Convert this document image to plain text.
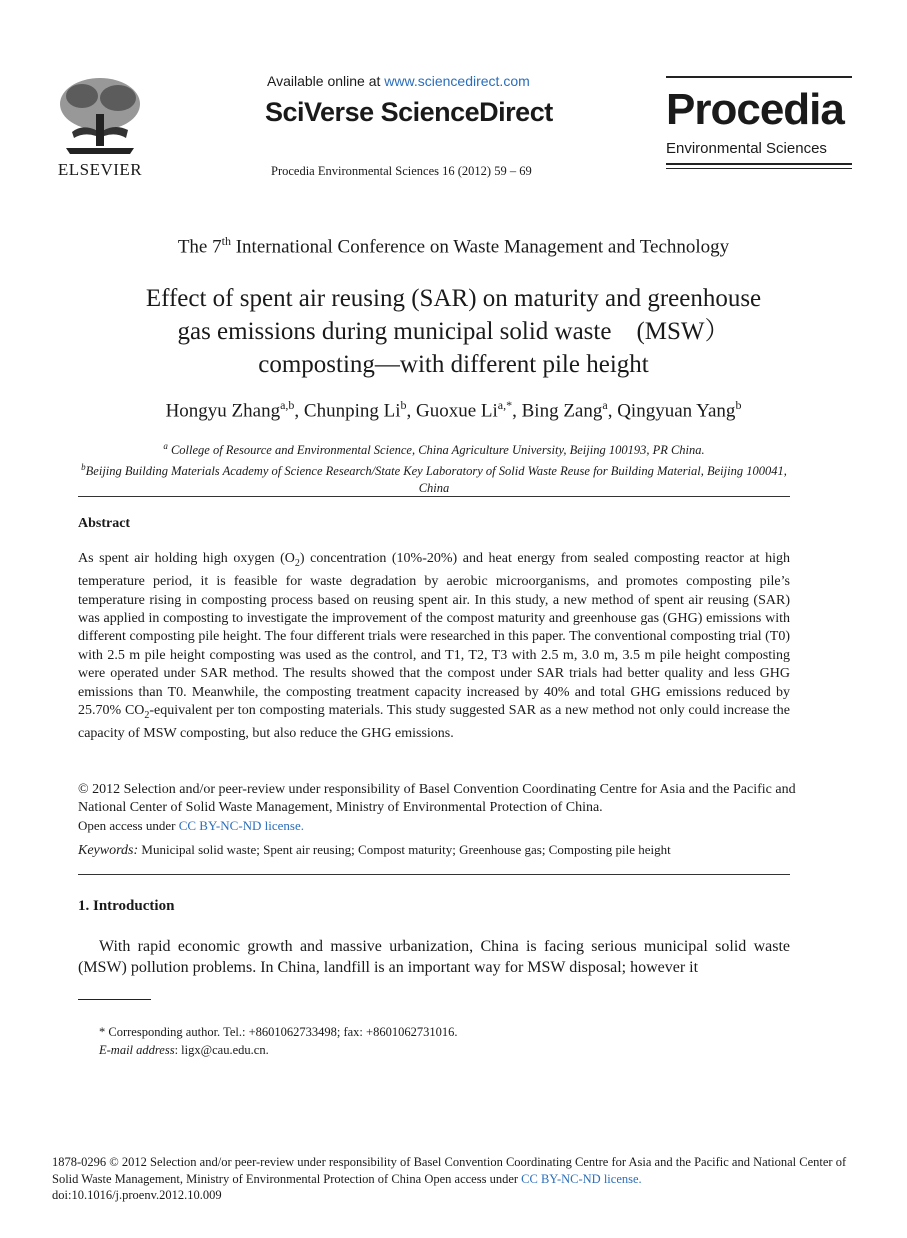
ELSEVIER
Available online at www.sciencedirect.com
SciVerse ScienceDirect
Procedia Environmental Sciences 16 (2012) 59 – 69
Procedia
Environmental Sciences
The 7th International Conference on Waste Management and Technology
Effect of spent air reusing (SAR) on maturity and greenhouse
gas emissions during municipal solid waste　(MSW）
composting—with different pile height
Hongyu Zhang$^{a,b}$, Chunping Li$^b$, Guoxue $Li^{a,*}$, Bing Zang$^a$, Qingyuan Yang$^b$
$^a$ College of Resource and Environmental Science, China Agriculture University, Beijing 100193, PR China.
$^b$Beijing Building Materials Academy of Science Research/State Key Laboratory of Solid Waste Reuse for Building Material, Beijing 100041, China
Abstract
As spent air holding high oxygen $(O_2)$ concentration (10%-20%) and heat energy from sealed composting reactor at high temperature period, it is feasible for waste degradation by aerobic microorganisms, and promotes composting pile’s temperature rising in composting process based on reusing spent air. In this study, a new method of spent air reusing (SAR) was applied in composting to investigate the improvement of the compost maturity and greenhouse gas (GHG) emissions with different composting pile height. The four different trials were researched in this paper. The conventional composting trial (T0) with 2.5 m pile height composting was used as the control, and T1, T2, T3 with 2.5 m, 3.0 m, 3.5 m pile height composting were operated under SAR method. The results showed that the compost under SAR trials had better quality and less GHG emissions than T0. Meanwhile, the composting treatment capacity increased by 40% and total GHG emissions reduced by 25.70% $CO_2$-equivalent per ton composting materials. This study suggested SAR as a new method not only could increase the capacity of MSW composting, but also reduce the GHG emissions.
© 2012 Selection and/or peer-review under responsibility of Basel Convention Coordinating Centre for Asia and the Pacific and National Center of Solid Waste Management, Ministry of Environmental Protection of China.
Open access under CC BY-NC-ND license.
Keywords: Municipal solid waste; Spent air reusing; Compost maturity; Greenhouse gas; Composting pile height
1. Introduction
With rapid economic growth and massive urbanization, China is facing serious municipal solid waste (MSW) pollution problems. In China, landfill is an important way for MSW disposal; however it
* Corresponding author. Tel.: +8601062733498; fax: +8601062731016.
E-mail address: ligx@cau.edu.cn.
1878-0296 © 2012 Selection and/or peer-review under responsibility of Basel Convention Coordinating Centre for Asia and the Pacific and National Center of Solid Waste Management, Ministry of Environmental Protection of China Open access under CC BY-NC-ND license.
doi:10.1016/j.proenv.2012.10.009
